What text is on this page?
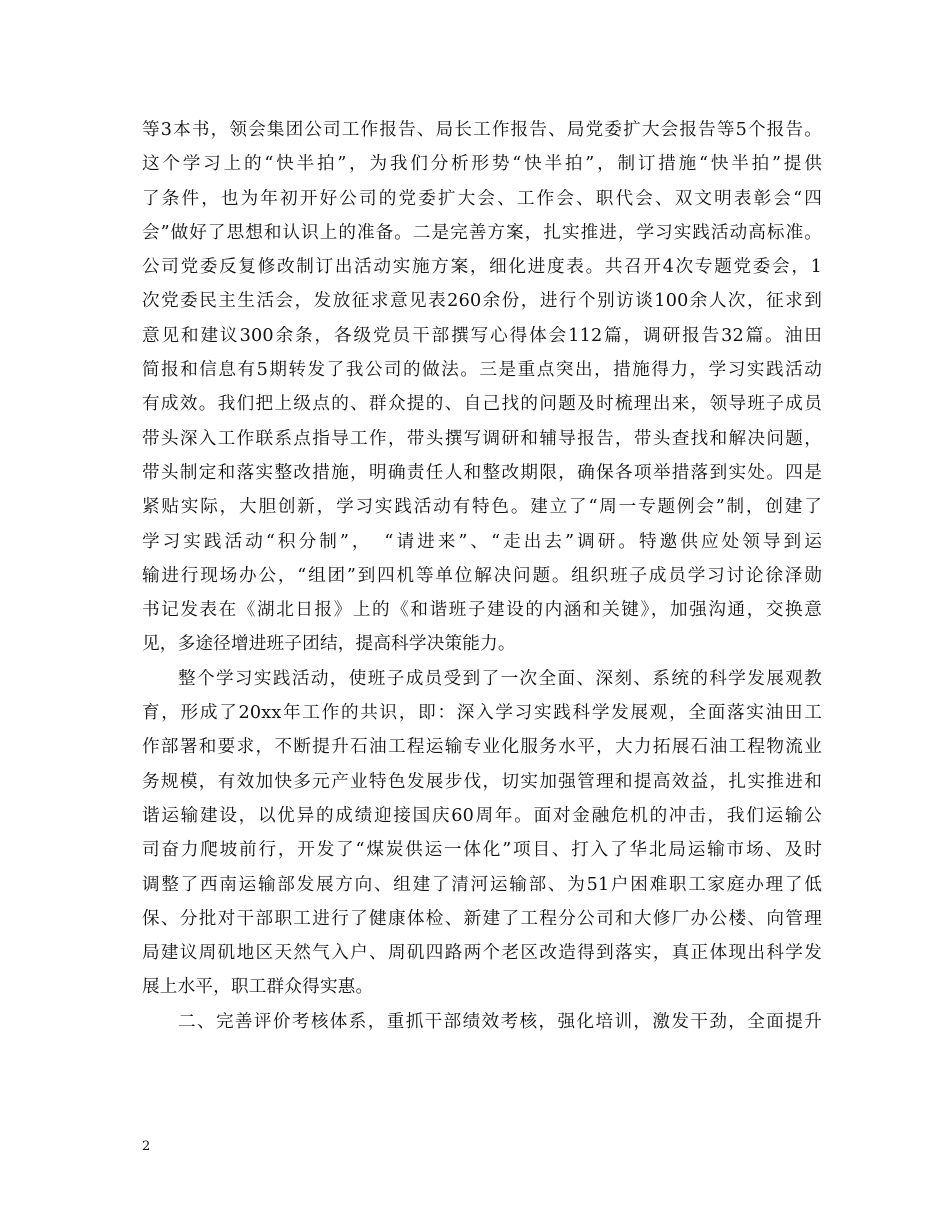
等3本书，领会集团公司工作报告、局长工作报告、局党委扩大会报告等5个报告。
这个学习上的“快半拍”，为我们分析形势“快半拍”，制订措施“快半拍”提供
了条件，也为年初开好公司的党委扩大会、工作会、职代会、双文明表彰会“四
会”做好了思想和认识上的准备。二是完善方案，扎实推进，学习实践活动高标准。
公司党委反复修改制订出活动实施方案，细化进度表。共召开4次专题党委会，1
次党委民主生活会，发放征求意见表260余份，进行个别访谈100余人次，征求到
意见和建议300余条，各级党员干部撰写心得体会112篇，调研报告32篇。油田
简报和信息有5期转发了我公司的做法。三是重点突出，措施得力，学习实践活动
有成效。我们把上级点的、群众提的、自己找的问题及时梳理出来，领导班子成员
带头深入工作联系点指导工作，带头撰写调研和辅导报告，带头查找和解决问题，
带头制定和落实整改措施，明确责任人和整改期限，确保各项举措落到实处。四是
紧贴实际，大胆创新，学习实践活动有特色。建立了“周一专题例会”制，创建了
学习实践活动“积分制”，　“请进来”、“走出去”调研。特邀供应处领导到运
输进行现场办公，“组团”到四机等单位解决问题。组织班子成员学习讨论徐泽勋
书记发表在《湖北日报》上的《和谐班子建设的内涵和关键》，加强沟通，交换意
见，多途径增进班子团结，提高科学决策能力。
整个学习实践活动，使班子成员受到了一次全面、深刻、系统的科学发展观教
育，形成了20xx年工作的共识，即：深入学习实践科学发展观，全面落实油田工
作部署和要求，不断提升石油工程运输专业化服务水平，大力拓展石油工程物流业
务规模，有效加快多元产业特色发展步伐，切实加强管理和提高效益，扎实推进和
谐运输建设，以优异的成绩迎接国庆60周年。面对金融危机的冲击，我们运输公
司奋力爬坡前行，开发了“煤炭供运一体化”项目、打入了华北局运输市场、及时
调整了西南运输部发展方向、组建了清河运输部、为51户困难职工家庭办理了低
保、分批对干部职工进行了健康体检、新建了工程分公司和大修厂办公楼、向管理
局建议周矶地区天然气入户、周矶四路两个老区改造得到落实，真正体现出科学发
展上水平，职工群众得实惠。
二、完善评价考核体系，重抓干部绩效考核，强化培训，激发干劲，全面提升
2
